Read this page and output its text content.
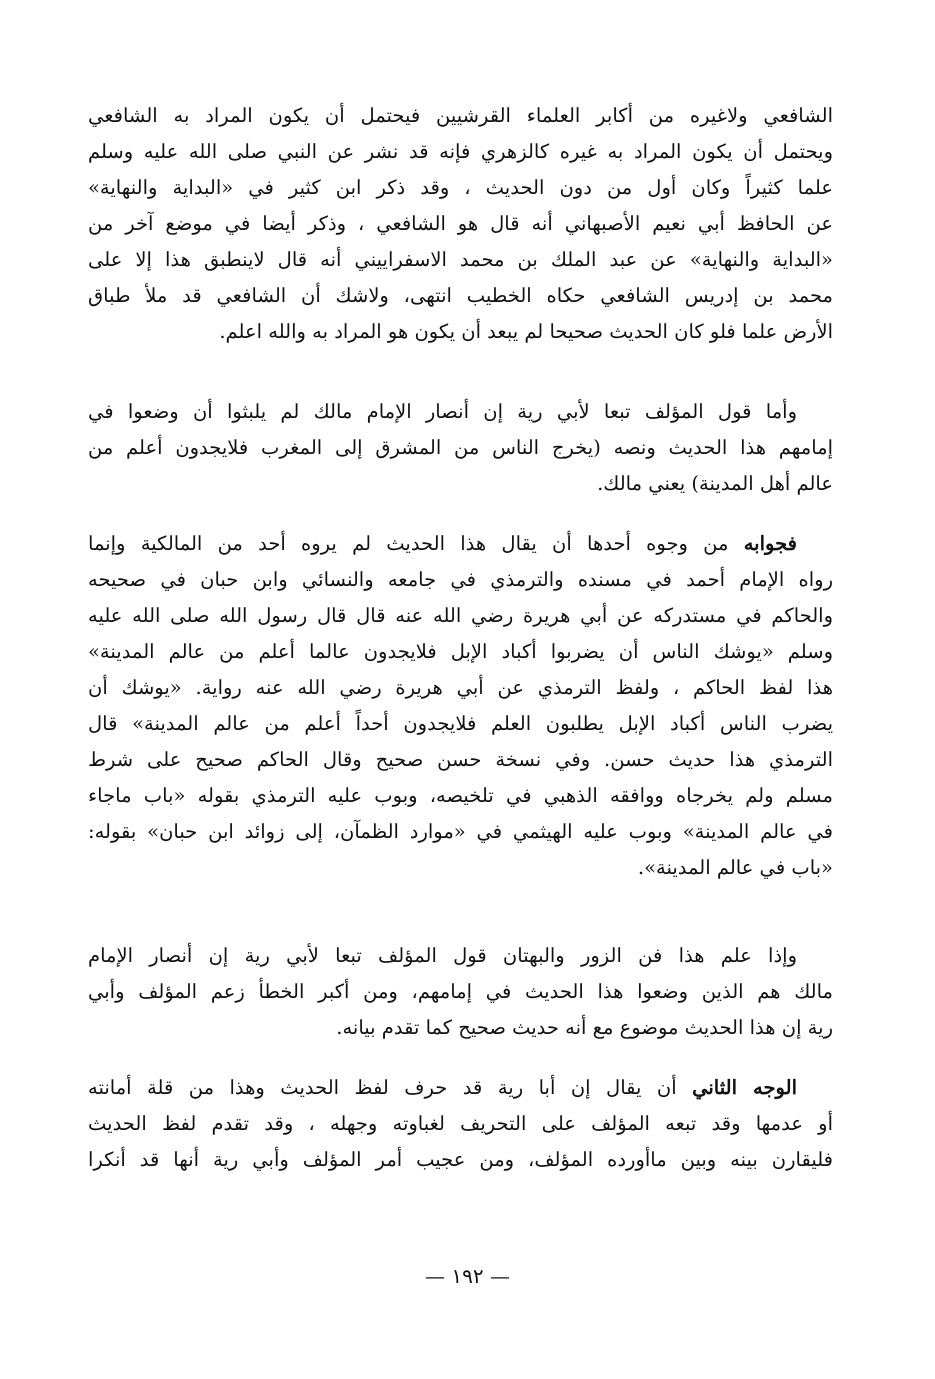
الشافعي ولاغيره من أكابر العلماء القرشيين فيحتمل أن يكون المراد به الشافعي
ويحتمل أن يكون المراد به غيره كالزهري فإنه قد نشر عن النبي صلى الله عليه وسلم
علما كثيراً وكان أول من دون الحديث ، وقد ذكر ابن كثير في «البداية والنهاية»
عن الحافظ أبي نعيم الأصبهاني أنه قال هو الشافعي ، وذكر أيضا في موضع آخر من
«البداية والنهاية» عن عبد الملك بن محمد الاسفراييني أنه قال لاينطبق هذا إلا على
محمد بن إدريس الشافعي حكاه الخطيب انتهى، ولاشك أن الشافعي قد ملأ طباق
الأرض علما فلو كان الحديث صحيحا لم يبعد أن يكون هو المراد به والله اعلم.
وأما قول المؤلف تبعا لأبي رية إن أنصار الإمام مالك لم يلبثوا أن وضعوا في
إمامهم هذا الحديث ونصه (يخرج الناس من المشرق إلى المغرب فلايجدون أعلم من
عالم أهل المدينة) يعني مالك.
فجوابه من وجوه أحدها أن يقال هذا الحديث لم يروه أحد من المالكية وإنما
رواه الإمام أحمد في مسنده والترمذي في جامعه والنسائي وابن حبان في صحيحه
والحاكم في مستدركه عن أبي هريرة رضي الله عنه قال قال رسول الله صلى الله عليه
وسلم «يوشك الناس أن يضربوا أكباد الإبل فلايجدون عالما أعلم من عالم المدينة»
هذا لفظ الحاكم ، ولفظ الترمذي عن أبي هريرة رضي الله عنه رواية. «يوشك أن
يضرب الناس أكباد الإبل يطلبون العلم فلايجدون أحداً أعلم من عالم المدينة» قال
الترمذي هذا حديث حسن. وفي نسخة حسن صحيح وقال الحاكم صحيح على شرط
مسلم ولم يخرجاه ووافقه الذهبي في تلخيصه، وبوب عليه الترمذي بقوله «باب ماجاء
في عالم المدينة» وبوب عليه الهيثمي في «موارد الظمآن، إلى زوائد ابن حبان» بقوله:
«باب في عالم المدينة».
وإذا علم هذا فن الزور والبهتان قول المؤلف تبعا لأبي رية إن أنصار الإمام
مالك هم الذين وضعوا هذا الحديث في إمامهم، ومن أكبر الخطأ زعم المؤلف وأبي
رية إن هذا الحديث موضوع مع أنه حديث صحيح كما تقدم بيانه.
الوجه الثاني أن يقال إن أبا رية قد حرف لفظ الحديث وهذا من قلة أمانته
أو عدمها وقد تبعه المؤلف على التحريف لغباوته وجهله ، وقد تقدم لفظ الحديث
فليقارن بينه وبين ماأورده المؤلف، ومن عجيب أمر المؤلف وأبي رية أنها قد أنكرا
— ١٩٢ —
